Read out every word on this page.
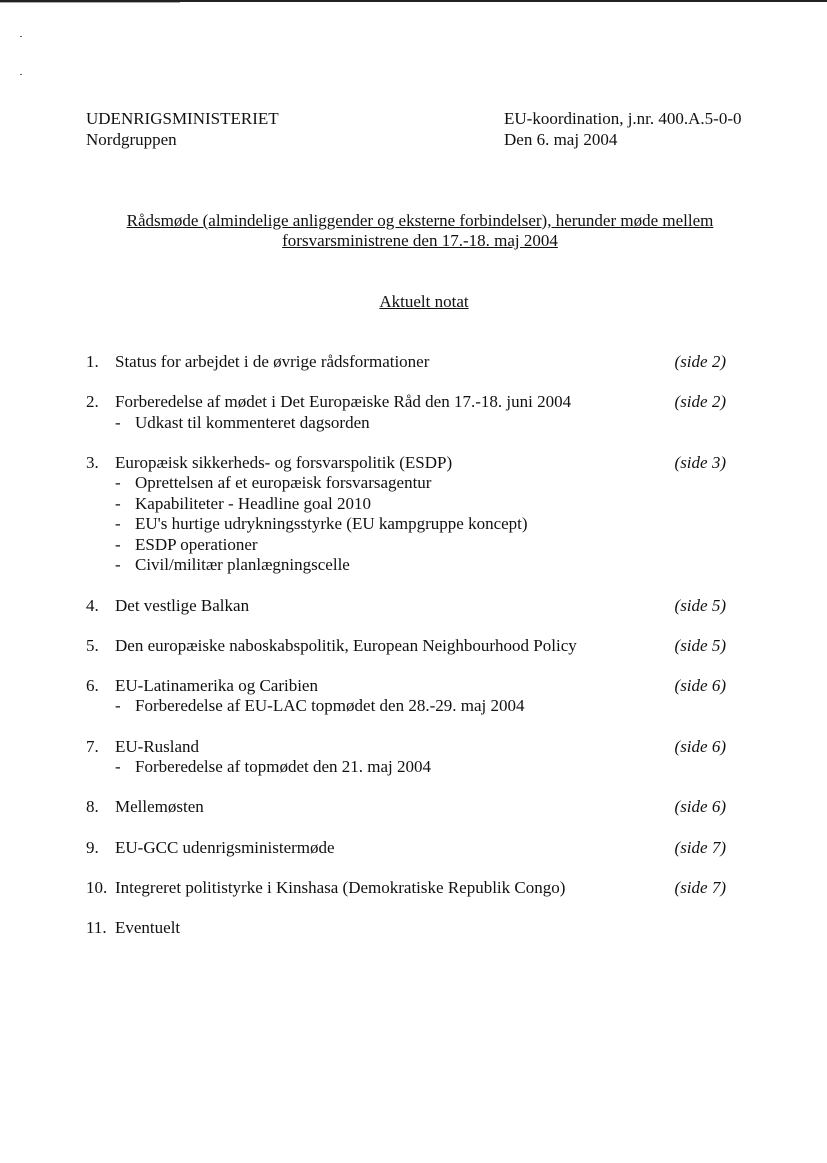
UDENRIGSMINISTERIET
Nordgruppen
EU-koordination, j.nr. 400.A.5-0-0
Den 6. maj 2004
Rådsmøde (almindelige anliggender og eksterne forbindelser), herunder møde mellem forsvarsministrene den 17.-18. maj 2004
Aktuelt notat
1. Status for arbejdet i de øvrige rådsformationer	(side 2)
2. Forberedelse af mødet i Det Europæiske Råd den 17.-18. juni 2004	(side 2)
- Udkast til kommenteret dagsorden
3. Europæisk sikkerheds- og forsvarspolitik (ESDP)	(side 3)
- Oprettelsen af et europæisk forsvarsagentur
- Kapabiliteter - Headline goal 2010
- EU's hurtige udrykningsstyrke (EU kampgruppe koncept)
- ESDP operationer
- Civil/militær planlægningscelle
4. Det vestlige Balkan	(side 5)
5. Den europæiske naboskabspolitik, European Neighbourhood Policy	(side 5)
6. EU-Latinamerika og Caribien	(side 6)
- Forberedelse af EU-LAC topmødet den 28.-29. maj 2004
7. EU-Rusland	(side 6)
- Forberedelse af topmødet den 21. maj 2004
8. Mellemøsten	(side 6)
9. EU-GCC udenrigsministermøde	(side 7)
10. Integreret politistyrke i Kinshasa (Demokratiske Republik Congo)	(side 7)
11. Eventuelt
